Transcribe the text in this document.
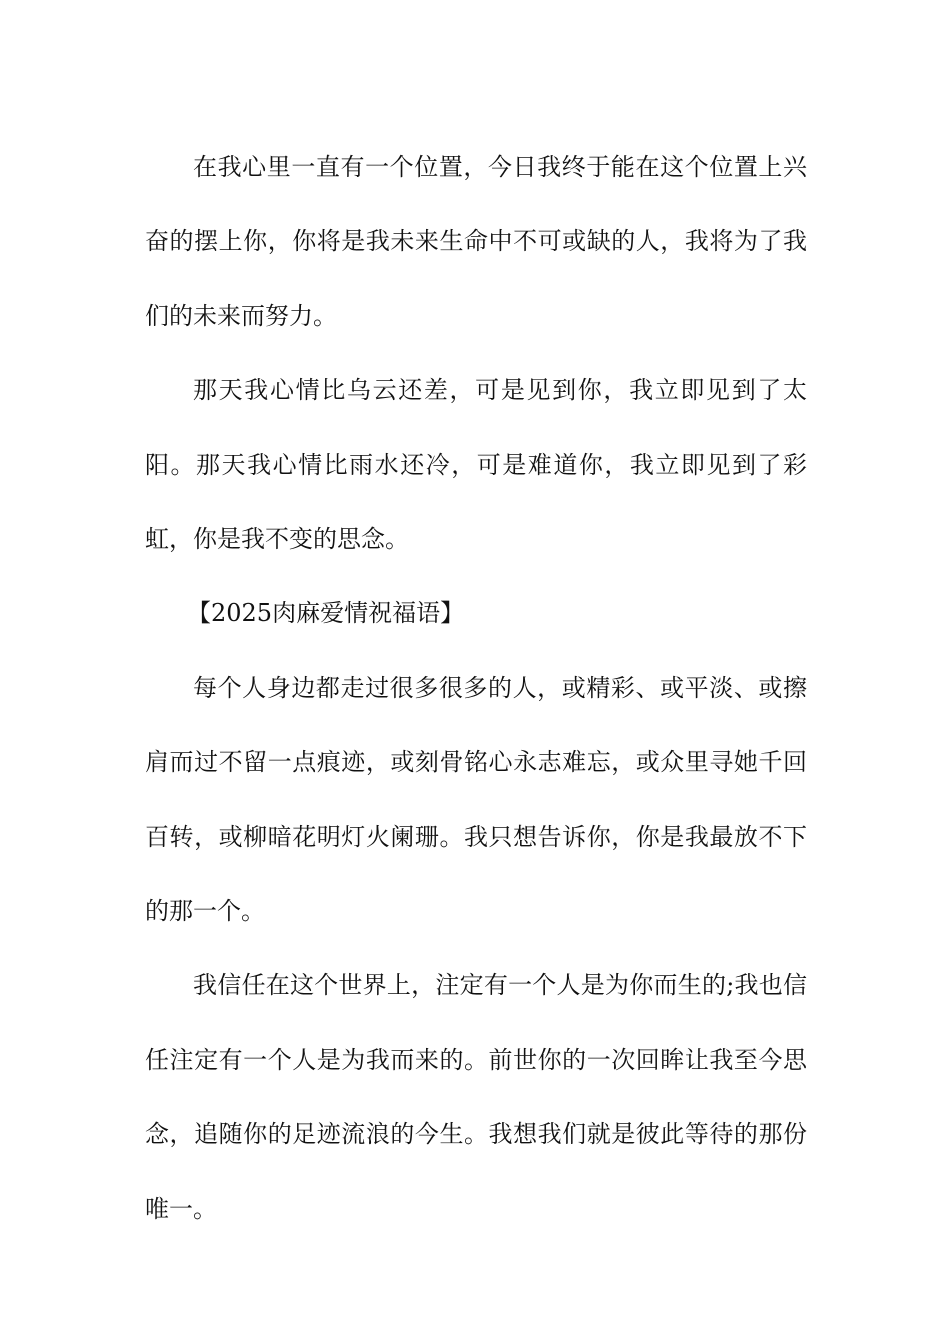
在我心里一直有一个位置，今日我终于能在这个位置上兴奋的摆上你，你将是我未来生命中不可或缺的人，我将为了我们的未来而努力。

那天我心情比乌云还差，可是见到你，我立即见到了太阳。那天我心情比雨水还冷，可是难道你，我立即见到了彩虹，你是我不变的思念。

【2025肉麻爱情祝福语】

每个人身边都走过很多很多的人，或精彩、或平淡、或擦肩而过不留一点痕迹，或刻骨铭心永志难忘，或众里寻她千回百转，或柳暗花明灯火阑珊。我只想告诉你，你是我最放不下的那一个。

我信任在这个世界上，注定有一个人是为你而生的;我也信任注定有一个人是为我而来的。前世你的一次回眸让我至今思念，追随你的足迹流浪的今生。我想我们就是彼此等待的那份唯一。
